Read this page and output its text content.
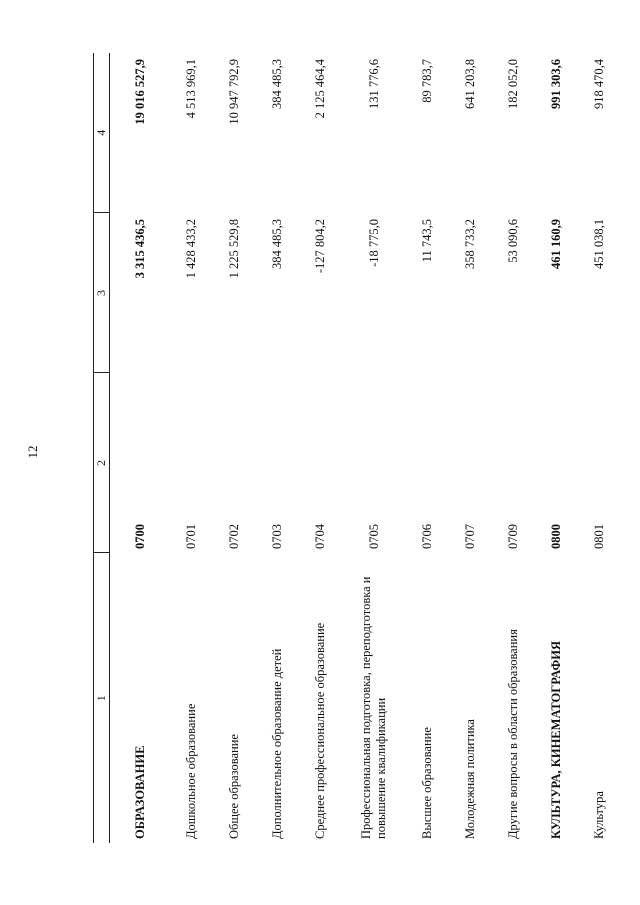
12
1	2	3	4
ОБРАЗОВАНИЕ	0700	3 315 436,5	19 016 527,9
Дошкольное образование	0701	1 428 433,2	4 513 969,1
Общее образование	0702	1 225 529,8	10 947 792,9
Дополнительное образование детей	0703	384 485,3	384 485,3
Среднее профессиональное образование	0704	-127 804,2	2 125 464,4
Профессиональная подготовка, переподготовка и повышение квалификации	0705	-18 775,0	131 776,6
Высшее образование	0706	11 743,5	89 783,7
Молодежная политика	0707	358 733,2	641 203,8
Другие вопросы в области образования	0709	53 090,6	182 052,0
КУЛЬТУРА, КИНЕМАТОГРАФИЯ	0800	461 160,9	991 303,6
Культура	0801	451 038,1	918 470,4
